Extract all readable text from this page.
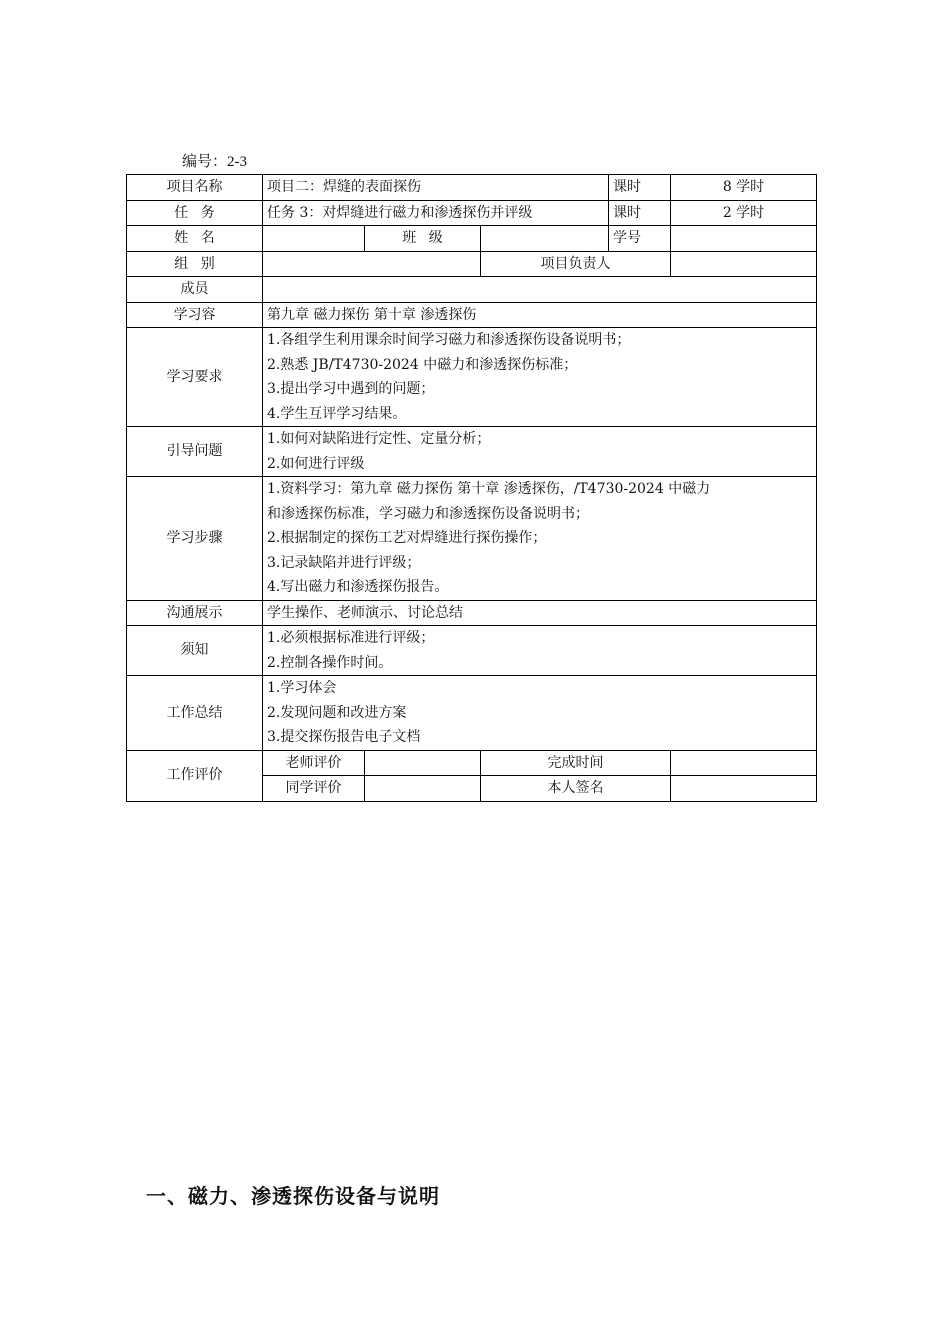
编号：2-3
项目名称	项目二：焊缝的表面探伤			课时	8 学时
任务	任务 3：对焊缝进行磁力和渗透探伤并评级			课时	2 学时
姓名		班级		学号	
组别			项目负责人		
成员					
学习容	第九章 磁力探伤 第十章 渗透探伤				
学习要求	1.各组学生利用课余时间学习磁力和渗透探伤设备说明书；
2.熟悉 JB/T4730-2024 中磁力和渗透探伤标准；
3.提出学习中遇到的问题；
4.学生互评学习结果。				

引导问题	1.如何对缺陷进行定性、定量分析；
2.如何进行评级				

学习步骤	1.资料学习：第九章 磁力探伤 第十章 渗透探伤，/T4730-2024 中磁力
和渗透探伤标准，学习磁力和渗透探伤设备说明书；
2.根据制定的探伤工艺对焊缝进行探伤操作；
3.记录缺陷并进行评级；
4.写出磁力和渗透探伤报告。				

沟通展示	学生操作、老师演示、讨论总结				
须知	1.必须根据标准进行评级；
2.控制各操作时间。				

工作总结	1.学习体会
2.发现问题和改进方案
3.提交探伤报告电子文档				

工作评价	老师评价		完成时间		
	同学评价		本人签名		
一、磁力、渗透探伤设备与说明
